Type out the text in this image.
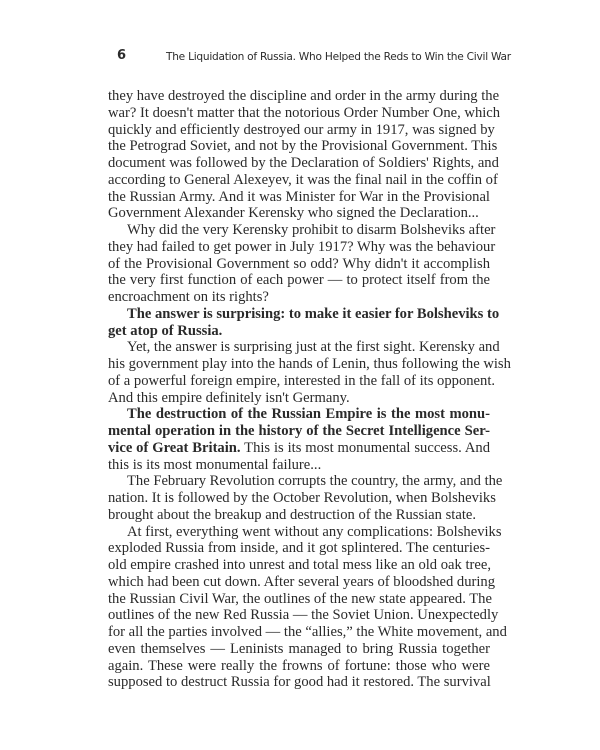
6	The Liquidation of Russia. Who Helped the Reds to Win the Civil War
they have destroyed the discipline and order in the army during the
war? It doesn't matter that the notorious Order Number One, which
quickly and efficiently destroyed our army in 1917, was signed by
the Petrograd Soviet, and not by the Provisional Government. This
document was followed by the Declaration of Soldiers' Rights, and
according to General Alexeyev, it was the final nail in the coffin of
the Russian Army. And it was Minister for War in the Provisional
Government Alexander Kerensky who signed the Declaration...
Why did the very Kerensky prohibit to disarm Bolsheviks after
they had failed to get power in July 1917? Why was the behaviour
of the Provisional Government so odd? Why didn't it accomplish
the very first function of each power — to protect itself from the
encroachment on its rights?
The answer is surprising: to make it easier for Bolsheviks to
get atop of Russia.
Yet, the answer is surprising just at the first sight. Kerensky and
his government play into the hands of Lenin, thus following the wish
of a powerful foreign empire, interested in the fall of its opponent.
And this empire definitely isn't Germany.
The destruction of the Russian Empire is the most monu-
mental operation in the history of the Secret Intelligence Ser-
vice of Great Britain. This is its most monumental success. And
this is its most monumental failure...
The February Revolution corrupts the country, the army, and the
nation. It is followed by the October Revolution, when Bolsheviks
brought about the breakup and destruction of the Russian state.
At first, everything went without any complications: Bolsheviks
exploded Russia from inside, and it got splintered. The centuries-
old empire crashed into unrest and total mess like an old oak tree,
which had been cut down. After several years of bloodshed during
the Russian Civil War, the outlines of the new state appeared. The
outlines of the new Red Russia — the Soviet Union. Unexpectedly
for all the parties involved — the “allies,” the White movement, and
even themselves — Leninists managed to bring Russia together
again. These were really the frowns of fortune: those who were
supposed to destruct Russia for good had it restored. The survival
